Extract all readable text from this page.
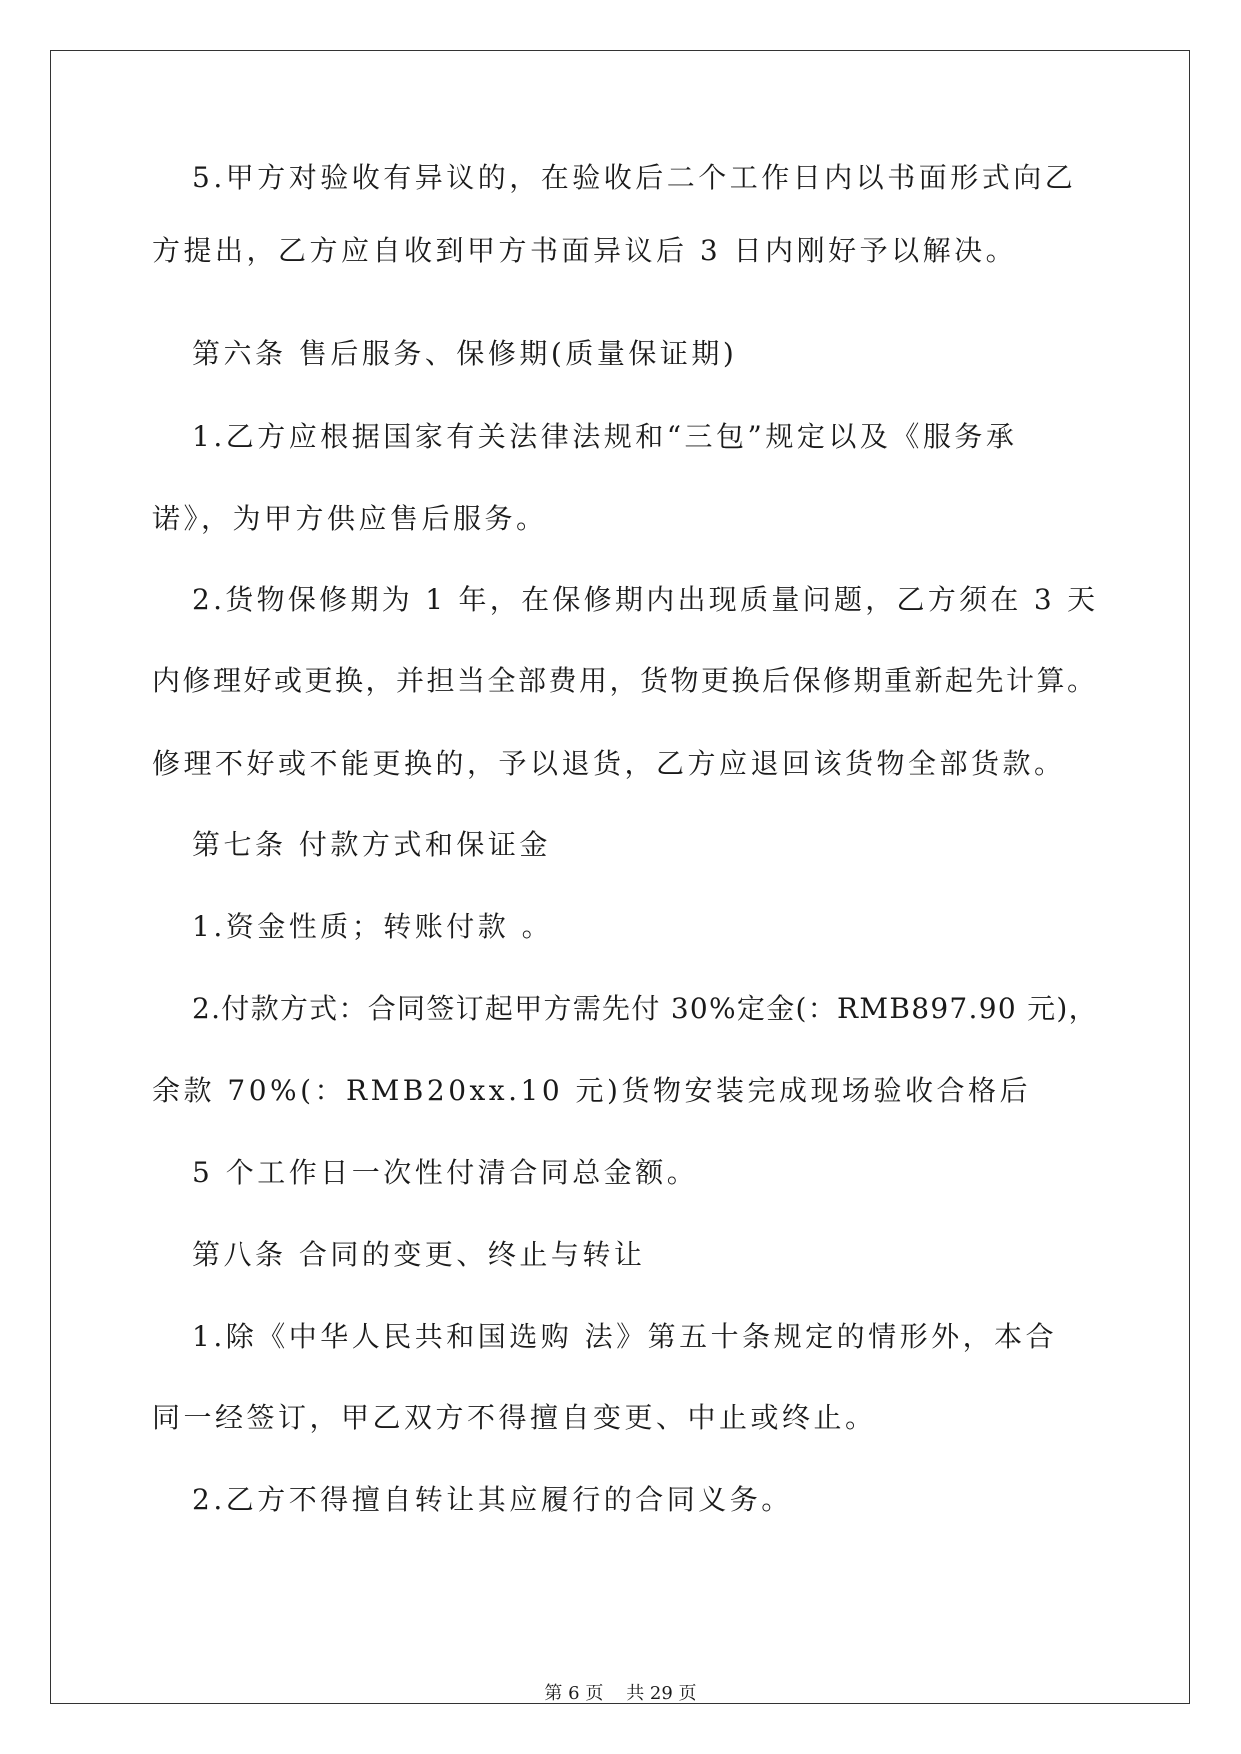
5.甲方对验收有异议的，在验收后二个工作日内以书面形式向乙
方提出，乙方应自收到甲方书面异议后 3 日内刚好予以解决。
第六条 售后服务、保修期(质量保证期)
1.乙方应根据国家有关法律法规和“三包”规定以及《服务承
诺》，为甲方供应售后服务。
2.货物保修期为 1 年，在保修期内出现质量问题，乙方须在 3 天
内修理好或更换，并担当全部费用，货物更换后保修期重新起先计算。
修理不好或不能更换的，予以退货，乙方应退回该货物全部货款。
第七条 付款方式和保证金
1.资金性质；转账付款 。
2.付款方式：合同签订起甲方需先付 30%定金(：RMB897.90 元)，
余款 70%(：RMB20xx.10 元)货物安装完成现场验收合格后
5 个工作日一次性付清合同总金额。
第八条 合同的变更、终止与转让
1.除《中华人民共和国选购 法》第五十条规定的情形外，本合
同一经签订，甲乙双方不得擅自变更、中止或终止。
2.乙方不得擅自转让其应履行的合同义务。
第 6 页    共 29 页
